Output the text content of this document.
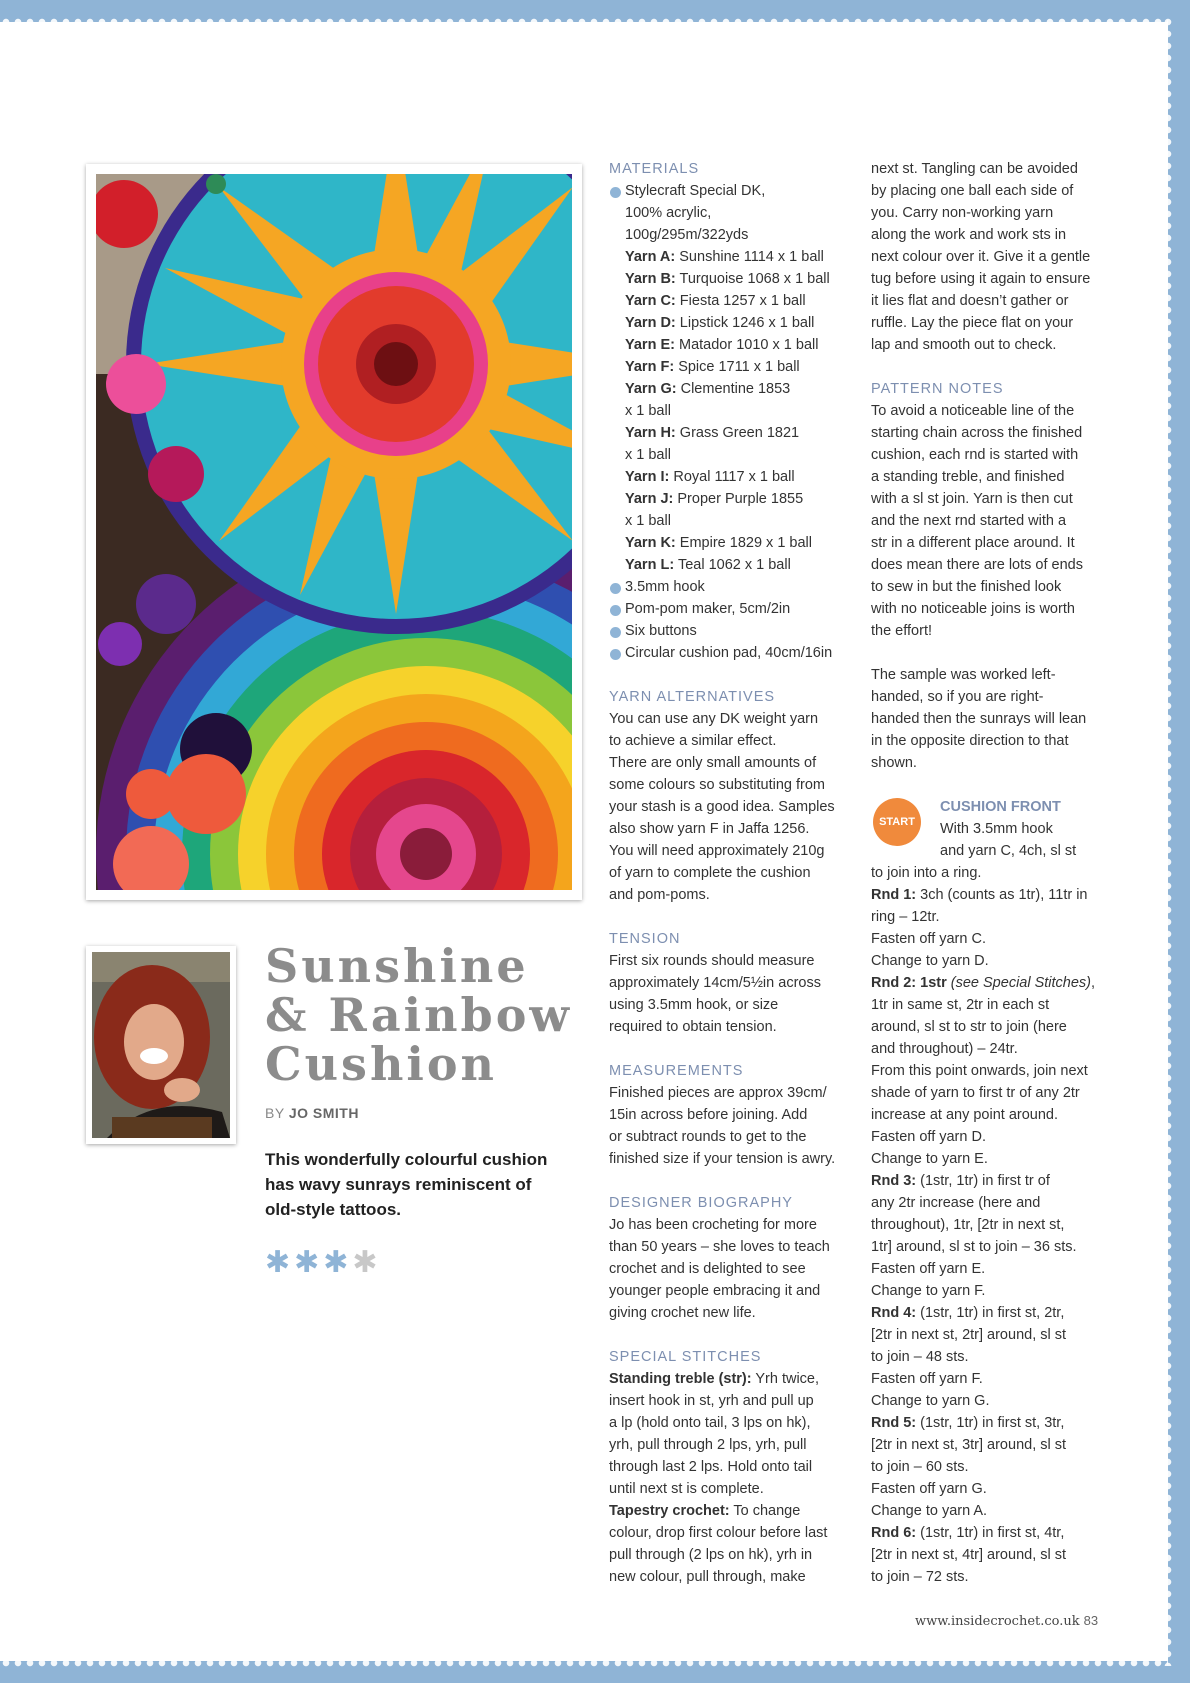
Sunshine
& Rainbow
Cushion
BY JO SMITH
This wonderfully colourful cushion has wavy sunrays reminiscent of old-style tattoos.
✱ ✱ ✱ ✱

MATERIALS

Stylecraft Special DK,
100% acrylic,
100g/295m/322yds
Yarn A: Sunshine 1114 x 1 ball
Yarn B: Turquoise 1068 x 1 ball
Yarn C: Fiesta 1257 x 1 ball
Yarn D: Lipstick 1246 x 1 ball
Yarn E: Matador 1010 x 1 ball
Yarn F: Spice 1711 x 1 ball
Yarn G: Clementine 1853
x 1 ball
Yarn H: Grass Green 1821
x 1 ball
Yarn I: Royal 1117 x 1 ball
Yarn J: Proper Purple 1855
x 1 ball
Yarn K: Empire 1829 x 1 ball
Yarn L: Teal 1062 x 1 ball

3.5mm hook

Pom-pom maker, 5cm/2in

Six buttons

Circular cushion pad, 40cm/16in

YARN ALTERNATIVES

You can use any DK weight yarn
to achieve a similar effect.
There are only small amounts of
some colours so substituting from
your stash is a good idea. Samples
also show yarn F in Jaffa 1256.
You will need approximately 210g
of yarn to complete the cushion
and pom-poms.

TENSION

First six rounds should measure
approximately 14cm/5½in across
using 3.5mm hook, or size
required to obtain tension.

MEASUREMENTS

Finished pieces are approx 39cm/
15in across before joining. Add
or subtract rounds to get to the
finished size if your tension is awry.

DESIGNER BIOGRAPHY

Jo has been crocheting for more
than 50 years – she loves to teach
crochet and is delighted to see
younger people embracing it and
giving crochet new life.

SPECIAL STITCHES

Standing treble (str): Yrh twice,
insert hook in st, yrh and pull up
a lp (hold onto tail, 3 lps on hk),
yrh, pull through 2 lps, yrh, pull
through last 2 lps. Hold onto tail
until next st is complete.
Tapestry crochet: To change
colour, drop first colour before last
pull through (2 lps on hk), yrh in
new colour, pull through, make
next st. Tangling can be avoided
by placing one ball each side of
you. Carry non-working yarn
along the work and work sts in
next colour over it. Give it a gentle
tug before using it again to ensure
it lies flat and doesn’t gather or
ruffle. Lay the piece flat on your
lap and smooth out to check.

PATTERN NOTES

To avoid a noticeable line of the
starting chain across the finished
cushion, each rnd is started with
a standing treble, and finished
with a sl st join. Yarn is then cut
and the next rnd started with a
str in a different place around. It
does mean there are lots of ends
to sew in but the finished look
with no noticeable joins is worth
the effort!
The sample was worked left-
handed, so if you are right-
handed then the sunrays will lean
in the opposite direction to that
shown.
START
CUSHION FRONT
With 3.5mm hook
and yarn C, 4ch, sl st
to join into a ring.
Rnd 1: 3ch (counts as 1tr), 11tr in
ring – 12tr.
Fasten off yarn C.
Change to yarn D.
Rnd 2: 1str (see Special Stitches),
1tr in same st, 2tr in each st
around, sl st to str to join (here
and throughout) – 24tr.
From this point onwards, join next
shade of yarn to first tr of any 2tr
increase at any point around.
Fasten off yarn D.
Change to yarn E.
Rnd 3: (1str, 1tr) in first tr of
any 2tr increase (here and
throughout), 1tr, [2tr in next st,
1tr] around, sl st to join – 36 sts.
Fasten off yarn E.
Change to yarn F.
Rnd 4: (1str, 1tr) in first st, 2tr,
[2tr in next st, 2tr] around, sl st
to join – 48 sts.
Fasten off yarn F.
Change to yarn G.
Rnd 5: (1str, 1tr) in first st, 3tr,
[2tr in next st, 3tr] around, sl st
to join – 60 sts.
Fasten off yarn G.
Change to yarn A.
Rnd 6: (1str, 1tr) in first st, 4tr,
[2tr in next st, 4tr] around, sl st
to join – 72 sts.
www.insidecrochet.co.uk 83
